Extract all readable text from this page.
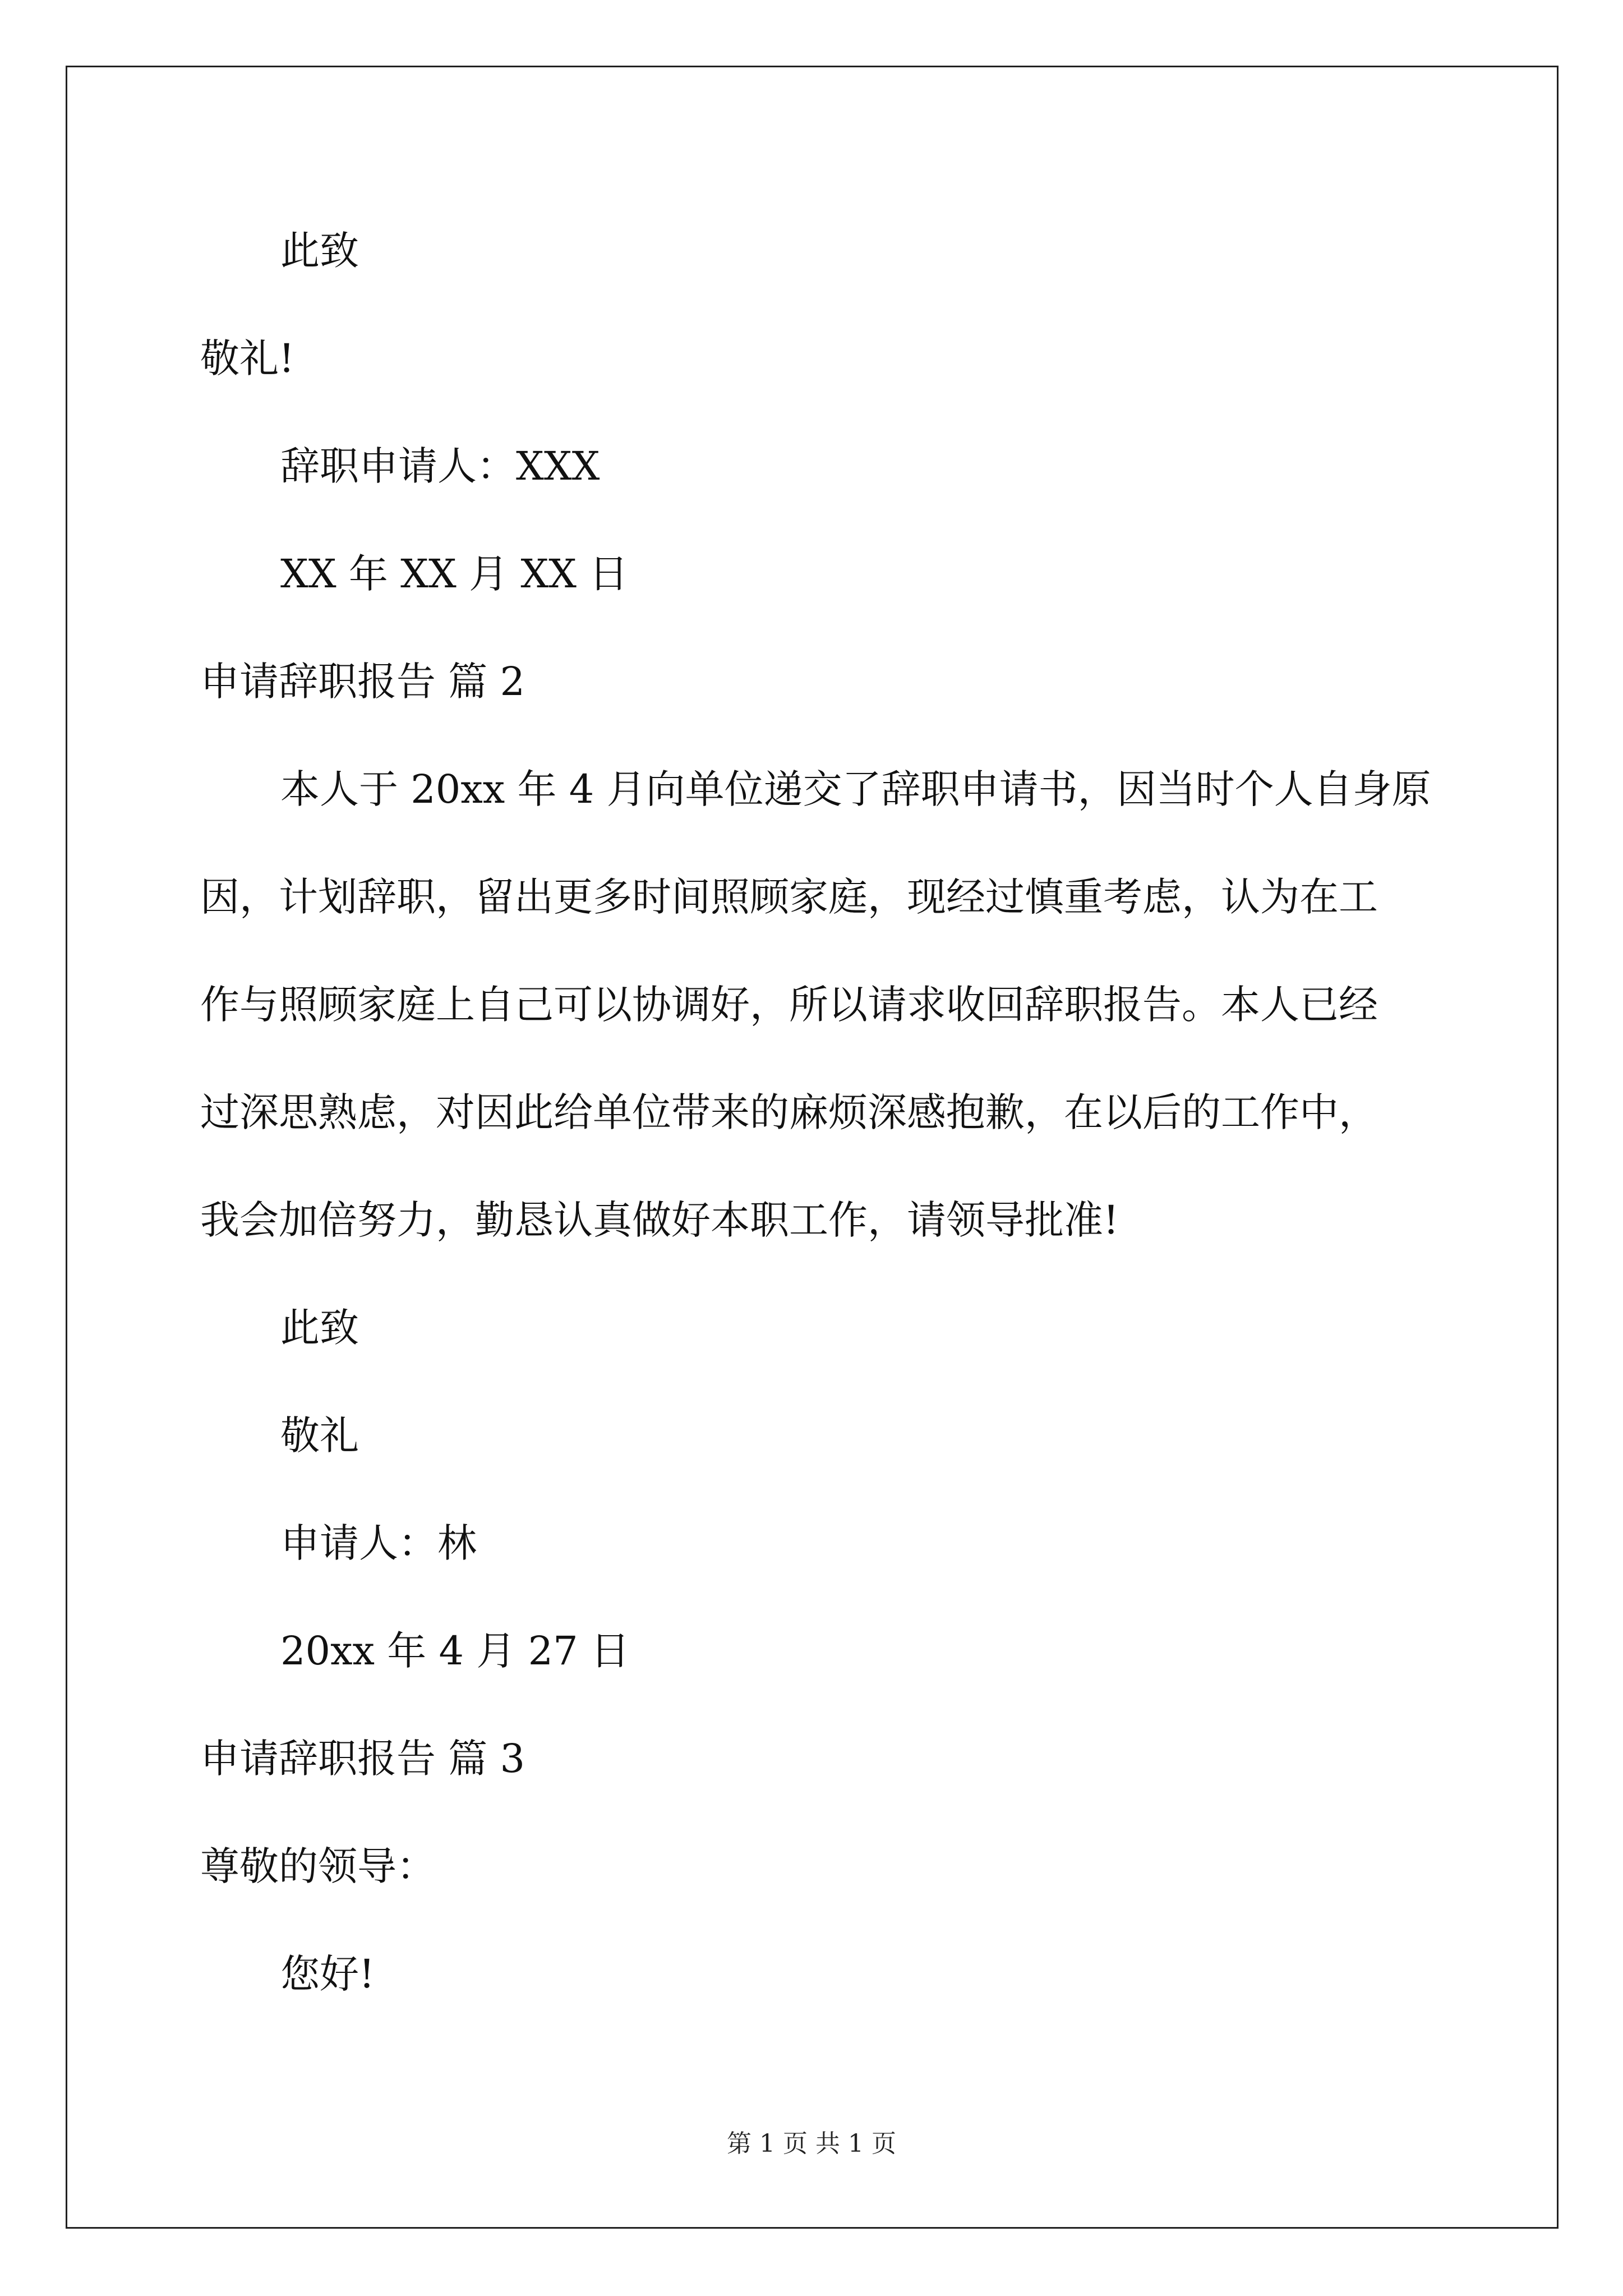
此致
敬礼!
辞职申请人：XXX
XX 年 XX 月 XX 日
申请辞职报告 篇 2
本人于 20xx 年 4 月向单位递交了辞职申请书，因当时个人自身原
因，计划辞职，留出更多时间照顾家庭，现经过慎重考虑，认为在工
作与照顾家庭上自己可以协调好，所以请求收回辞职报告。本人已经
过深思熟虑，对因此给单位带来的麻烦深感抱歉，在以后的工作中，
我会加倍努力，勤恳认真做好本职工作，请领导批准!
此致
敬礼
申请人：林
20xx 年 4 月 27 日
申请辞职报告 篇 3
尊敬的领导：
您好!
第 1 页 共 1 页
